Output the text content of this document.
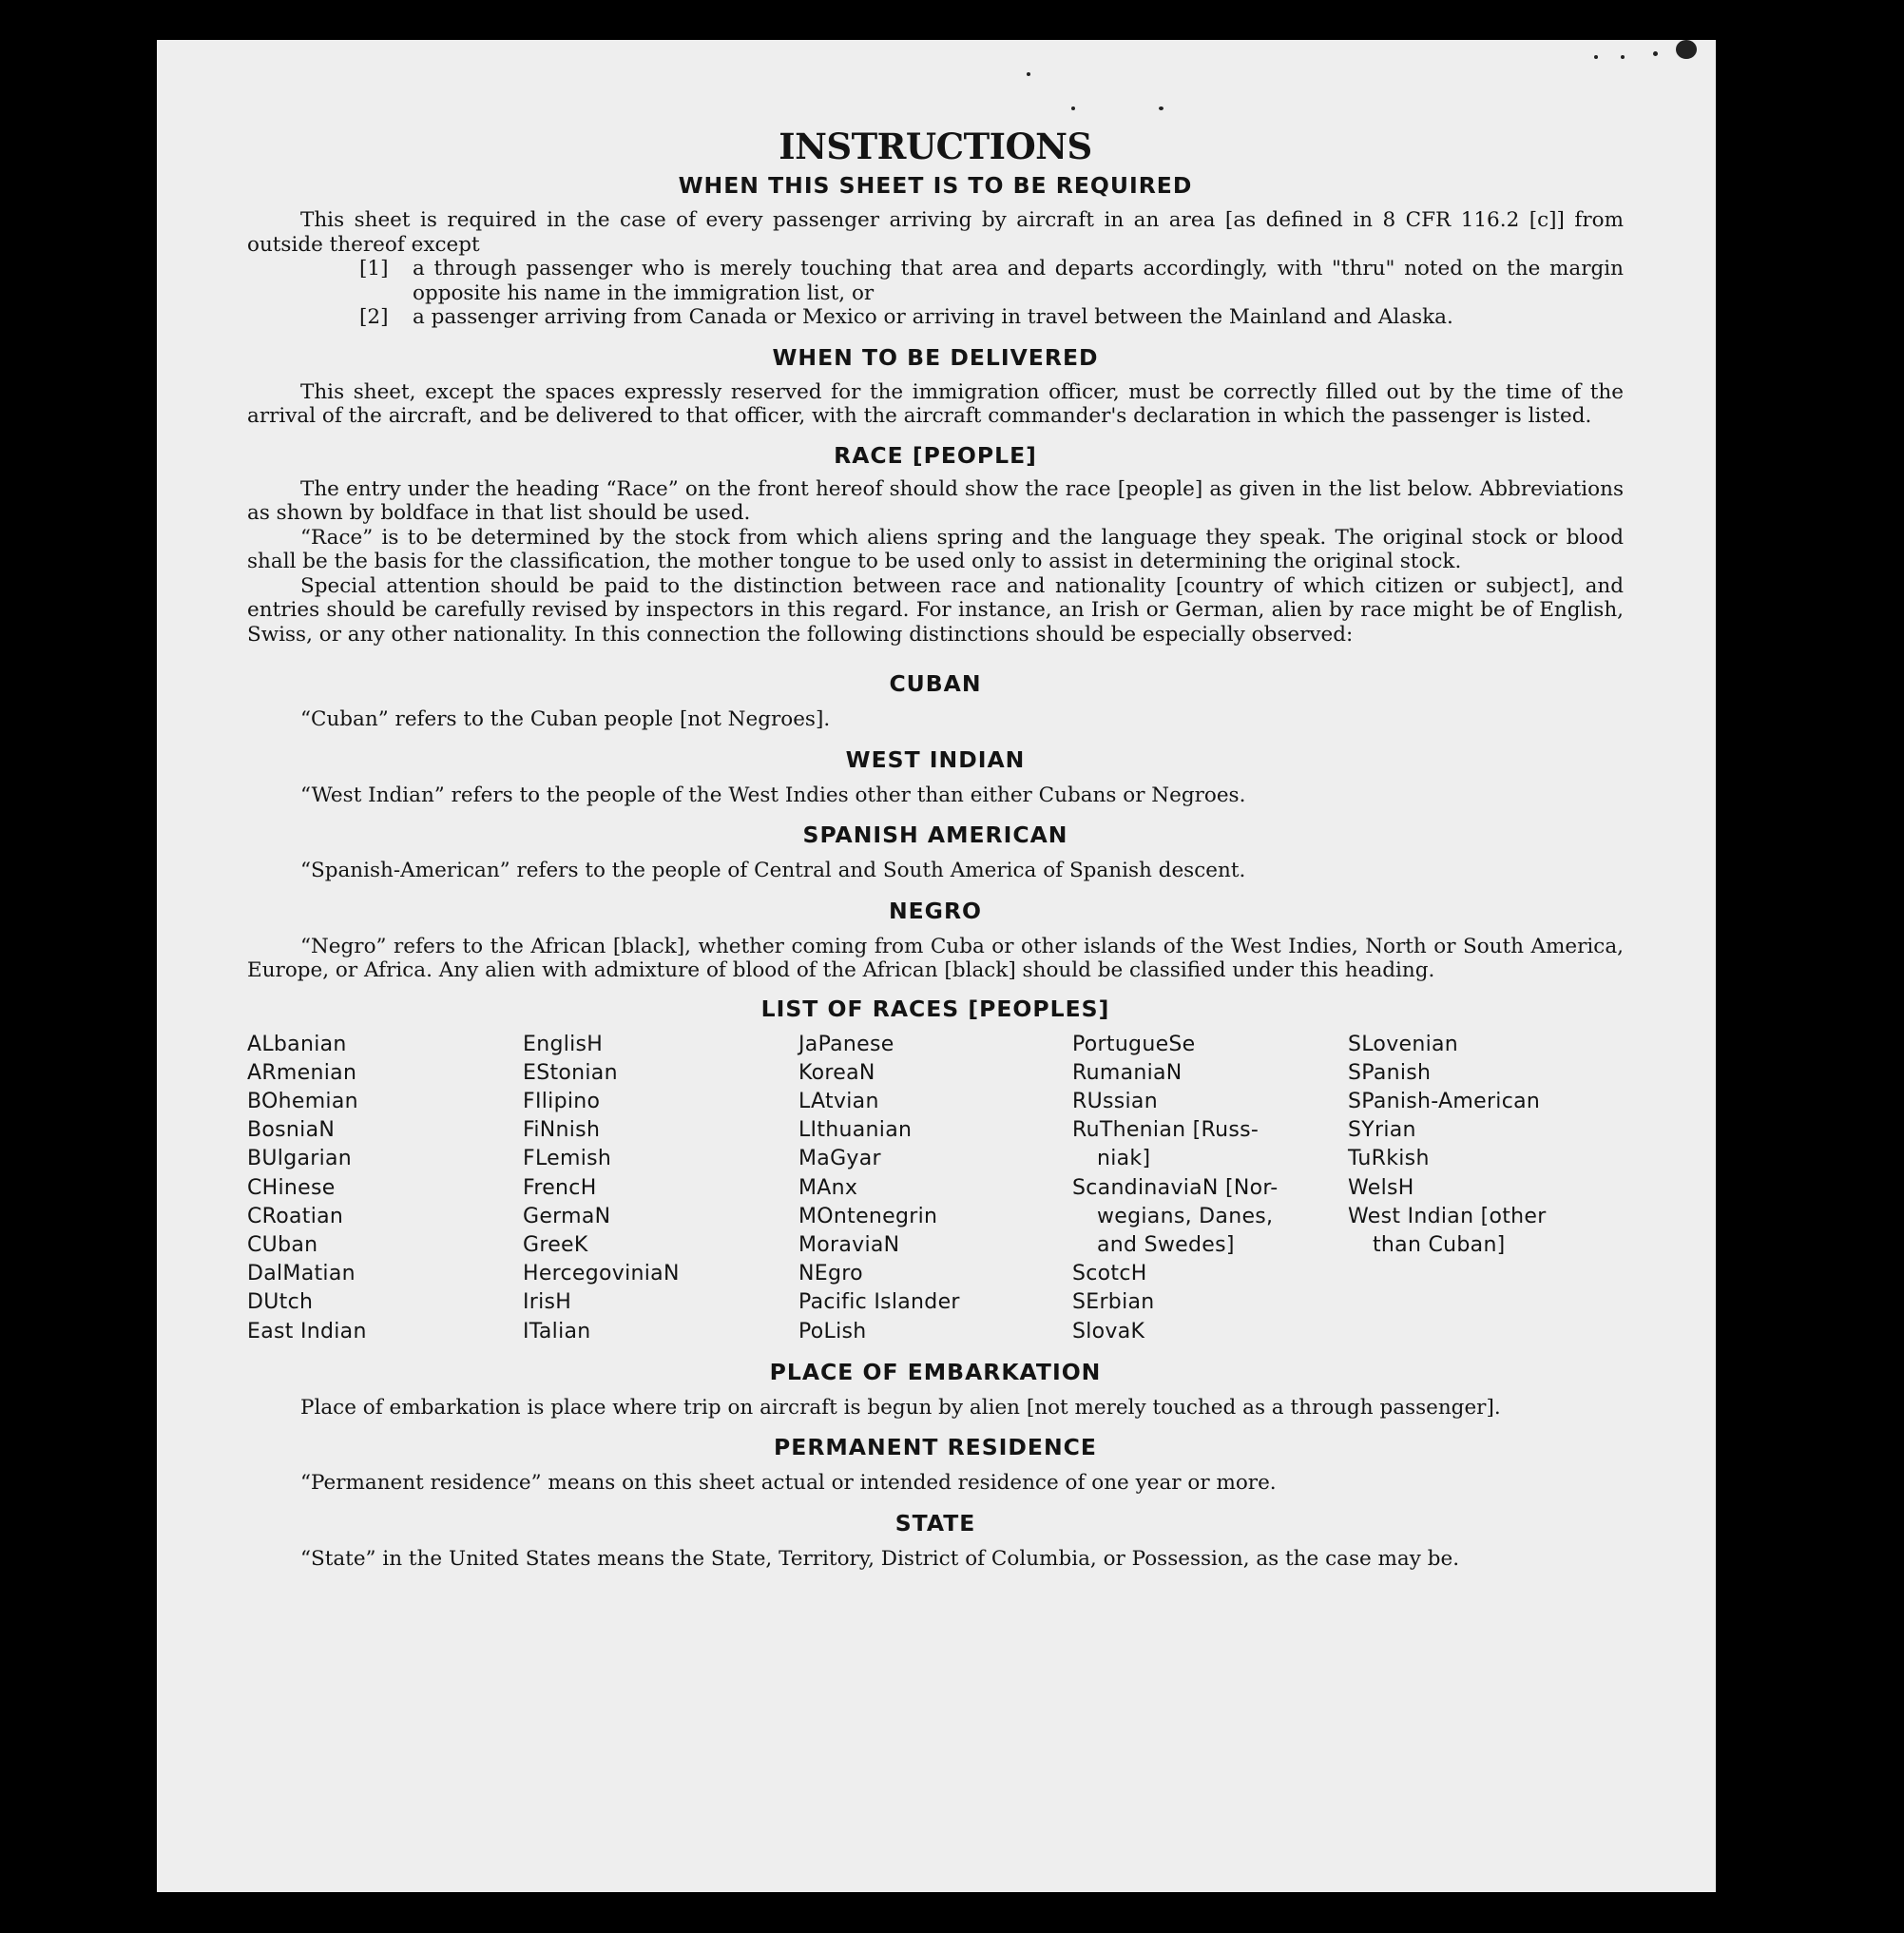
INSTRUCTIONS
WHEN THIS SHEET IS TO BE REQUIRED

This sheet is required in the case of every passenger arriving by aircraft in an area [as defined in 8 CFR 116.2 [c]] from outside thereof except

[1]	a through passenger who is merely touching that area and departs accordingly, with "thru" noted on the margin opposite his name in the immigration list, or
[2]	a passenger arriving from Canada or Mexico or arriving in travel between the Mainland and Alaska.
WHEN TO BE DELIVERED

This sheet, except the spaces expressly reserved for the immigration officer, must be correctly filled out by the time of the arrival of the aircraft, and be delivered to that officer, with the aircraft commander's declaration in which the passenger is listed.

RACE [PEOPLE]

The entry under the heading “Race” on the front hereof should show the race [people] as given in the list below. Abbreviations as shown by boldface in that list should be used.

“Race” is to be determined by the stock from which aliens spring and the language they speak. The original stock or blood shall be the basis for the classification, the mother tongue to be used only to assist in determining the original stock.

Special attention should be paid to the distinction between race and nationality [country of which citizen or subject], and entries should be carefully revised by inspectors in this regard. For instance, an Irish or German, alien by race might be of English, Swiss, or any other nationality. In this connection the following distinctions should be especially observed:

CUBAN

“Cuban” refers to the Cuban people [not Negroes].

WEST INDIAN

“West Indian” refers to the people of the West Indies other than either Cubans or Negroes.

SPANISH AMERICAN

“Spanish-American” refers to the people of Central and South America of Spanish descent.

NEGRO

“Negro” refers to the African [black], whether coming from Cuba or other islands of the West Indies, North or South America, Europe, or Africa. Any alien with admixture of blood of the African [black] should be classified under this heading.

LIST OF RACES [PEOPLES]
ALbanian
ARmenian
BOhemian
BosniaN
BUlgarian
CHinese
CRoatian
CUban
DalMatian
DUtch
East Indian
EnglisH
EStonian
FIlipino
FiNnish
FLemish
FrencH
GermaN
GreeK
HercegoviniaN
IrisH
ITalian
JaPanese
KoreaN
LAtvian
LIthuanian
MaGyar
MAnx
MOntenegrin
MoraviaN
NEgro
Pacific Islander
PoLish
PortugueSe
RumaniaN
RUssian
RuThenian [Russ-
niak]
ScandinaviaN [Nor-
wegians, Danes,
and Swedes]
ScotcH
SErbian
SlovaK
SLovenian
SPanish
SPanish-American
SYrian
TuRkish
WelsH
West Indian [other
than Cuban]
PLACE OF EMBARKATION

Place of embarkation is place where trip on aircraft is begun by alien [not merely touched as a through passenger].

PERMANENT RESIDENCE

“Permanent residence” means on this sheet actual or intended residence of one year or more.

STATE

“State” in the United States means the State, Territory, District of Columbia, or Possession, as the case may be.
